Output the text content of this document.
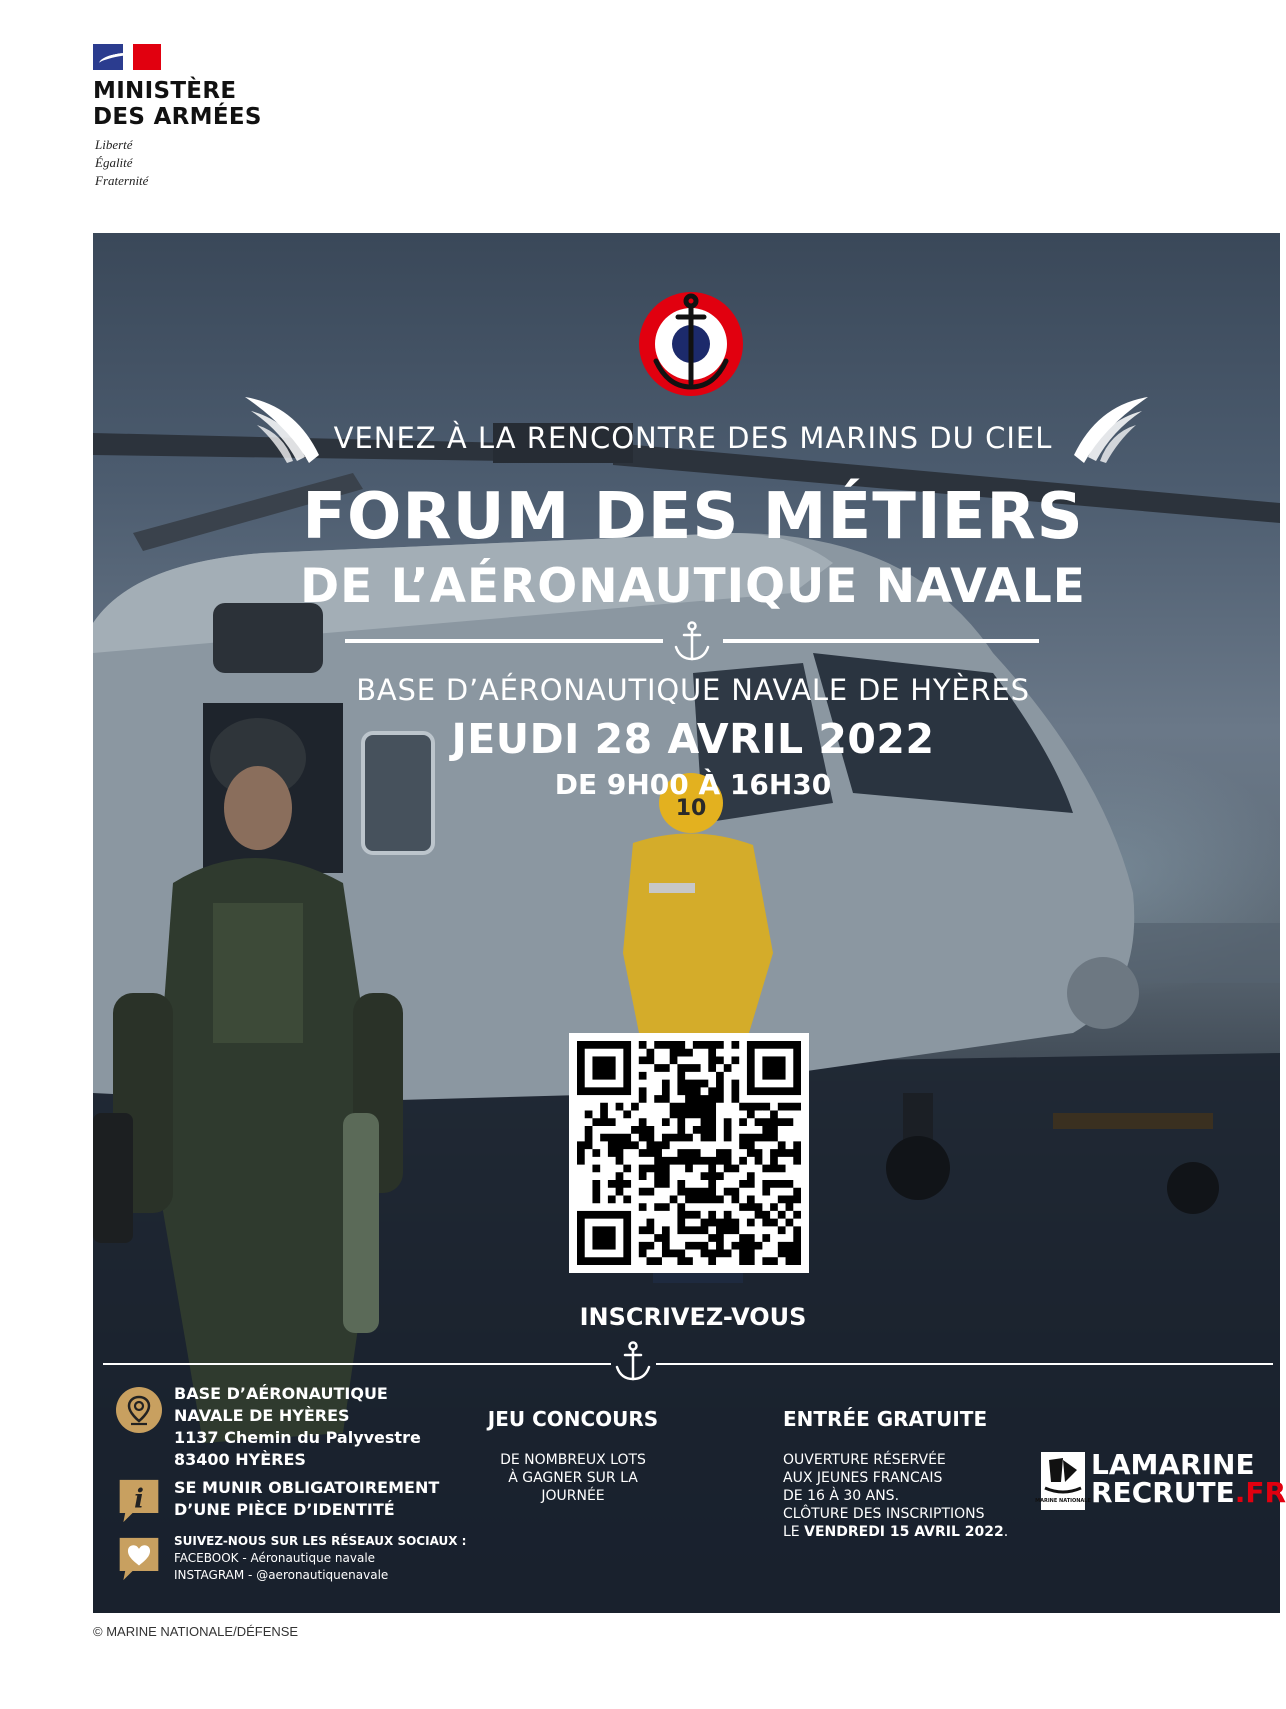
MINISTÈRE
DES ARMÉES
Liberté
Égalité
Fraternité
10
VENEZ À LA RENCONTRE DES MARINS DU CIEL
FORUM DES MÉTIERS
DE L’AÉRONAUTIQUE NAVALE
BASE D’AÉRONAUTIQUE NAVALE DE HYÈRES
JEUDI 28 AVRIL 2022
DE 9H00 À 16H30
INSCRIVEZ-VOUS
BASE D’AÉRONAUTIQUE
NAVALE DE HYÈRES
1137 Chemin du Palyvestre
83400 HYÈRES
i SE MUNIR OBLIGATOIREMENT
D’UNE PIÈCE D’IDENTITÉ
SUIVEZ-NOUS SUR LES RÉSEAUX SOCIAUX :
FACEBOOK - Aéronautique navale
INSTAGRAM - @aeronautiquenavale
JEU CONCOURS
DE NOMBREUX LOTS
À GAGNER SUR LA
JOURNÉE
ENTRÉE GRATUITE
OUVERTURE RÉSERVÉE
AUX JEUNES FRANCAIS
DE 16 À 30 ANS.
CLÔTURE DES INSCRIPTIONS
LE VENDREDI 15 AVRIL 2022.
MARINE NATIONALE
LAMARINE
RECRUTE.FR
© MARINE NATIONALE/DÉFENSE
